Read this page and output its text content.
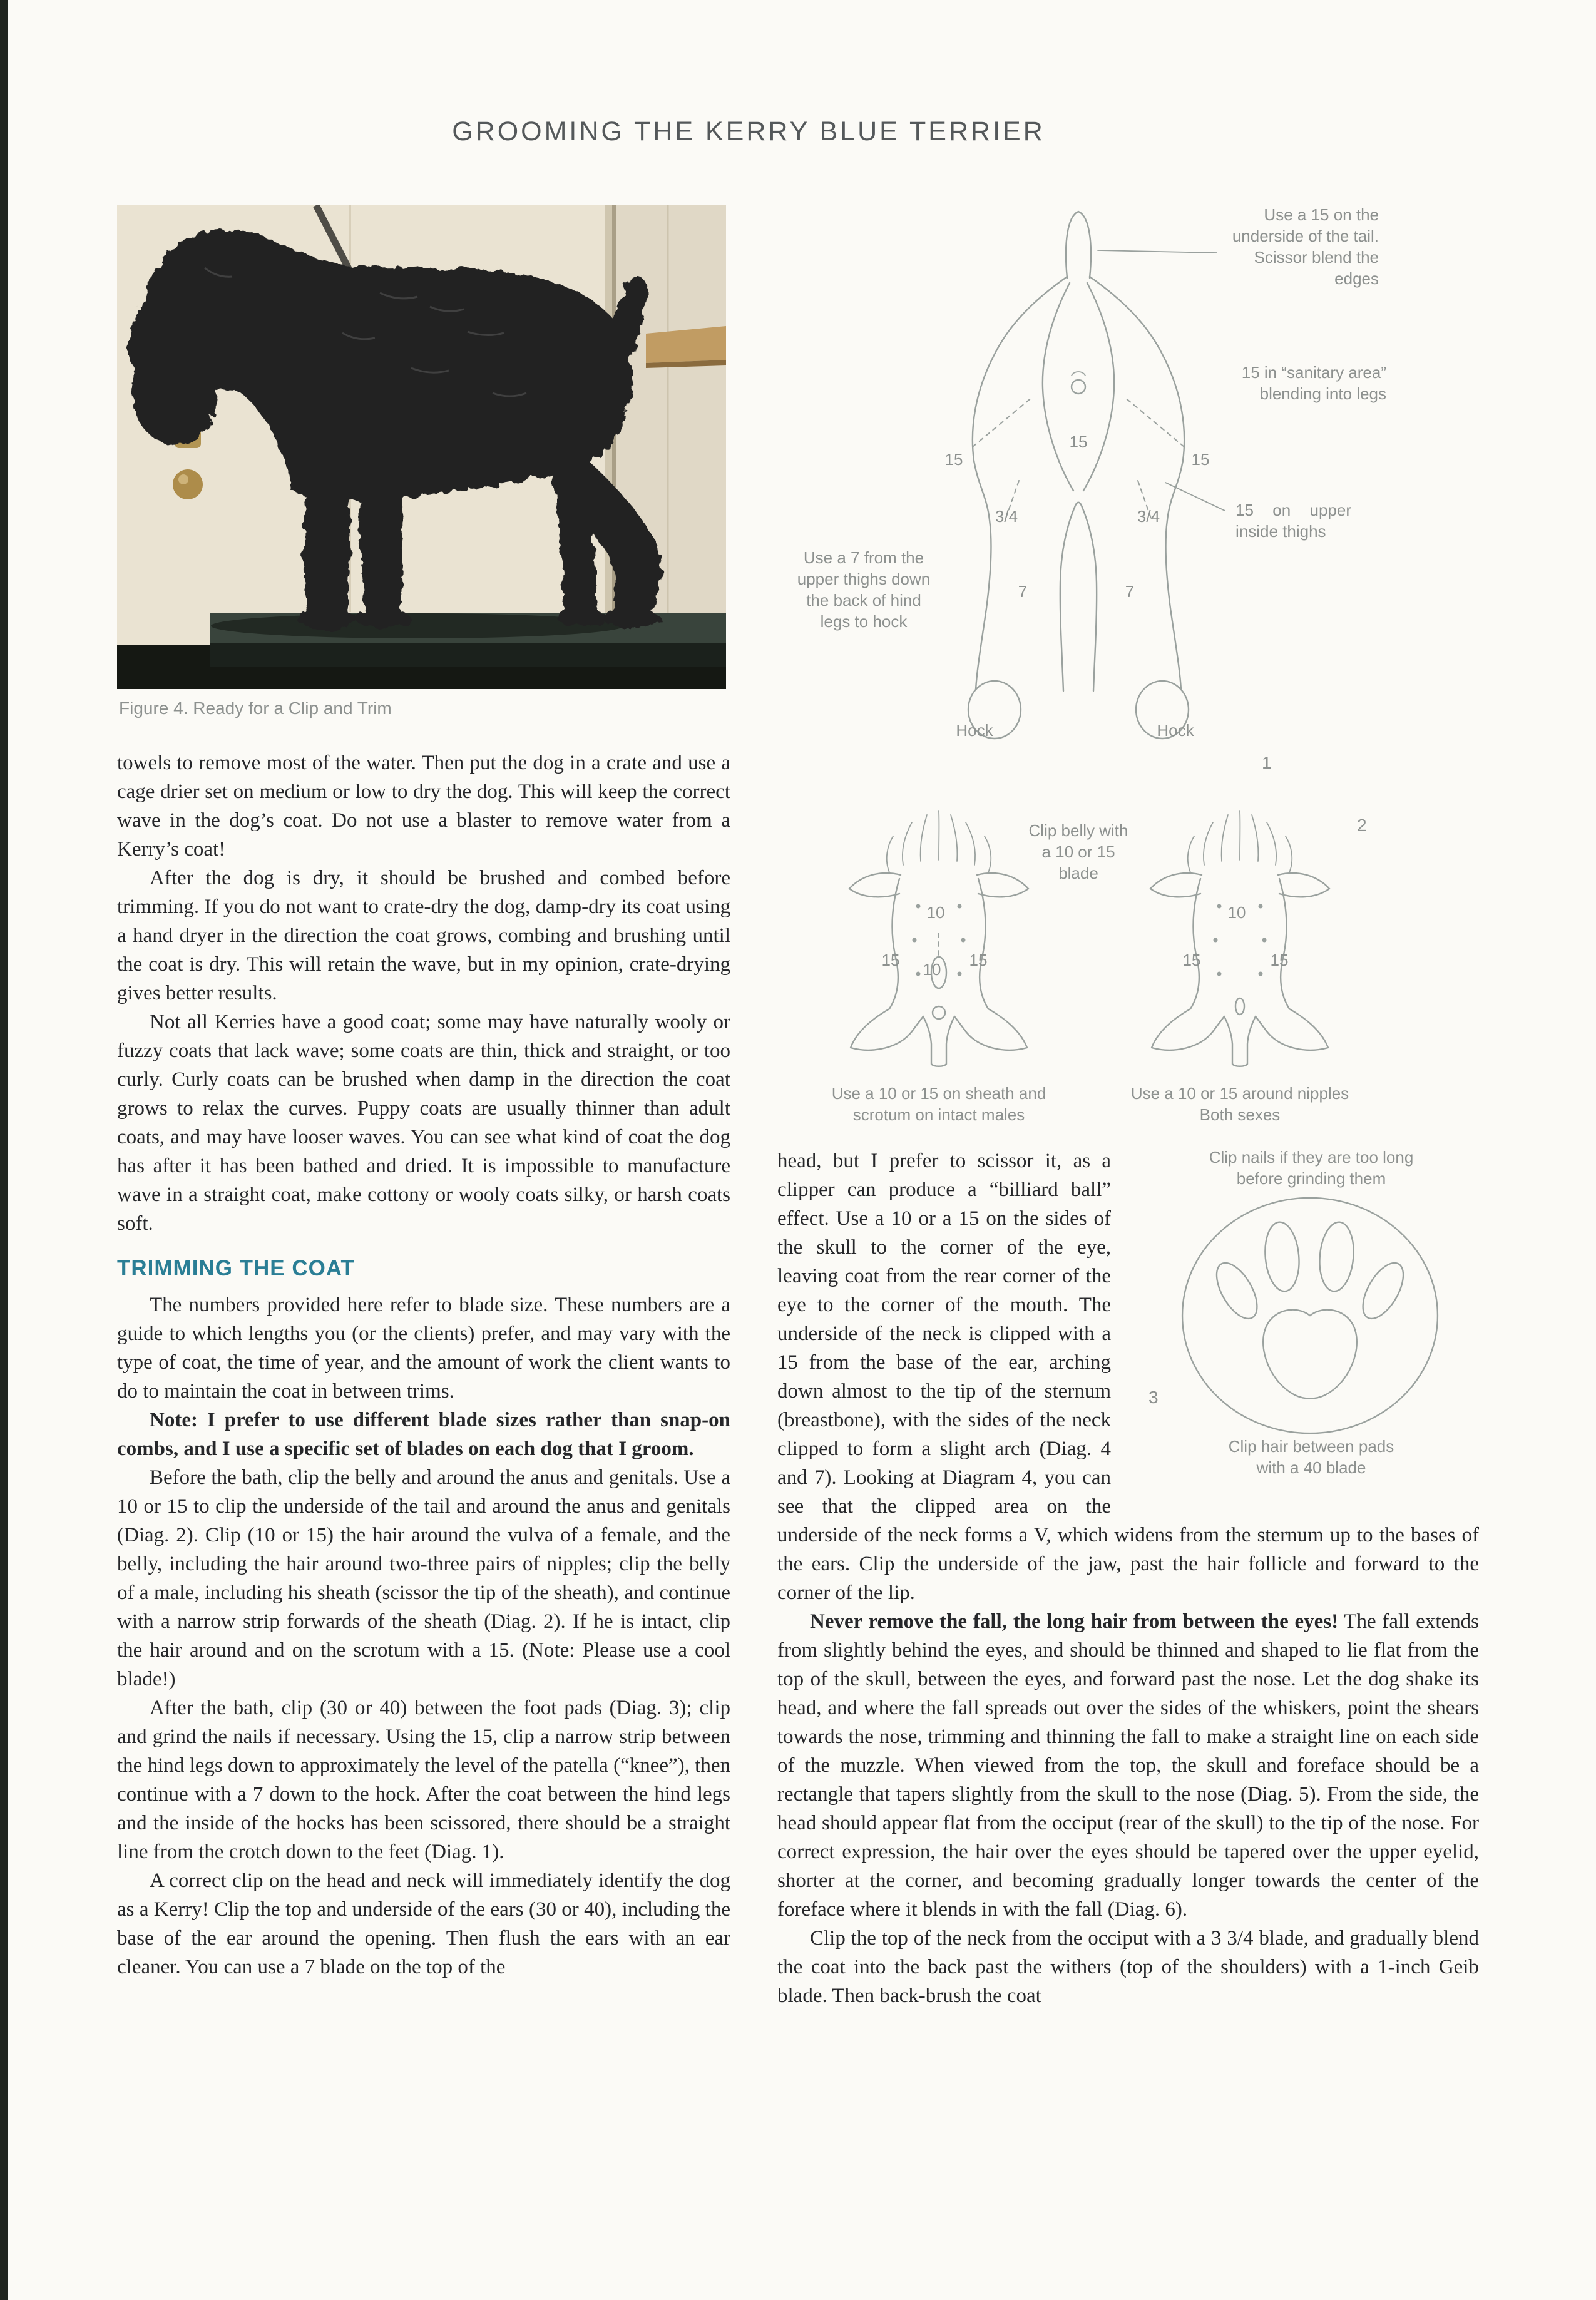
GROOMING THE KERRY BLUE TERRIER
Figure 4. Ready for a Clip and Trim

towels to remove most of the water. Then put the dog in a crate and use a cage drier set on medium or low to dry the dog. This will keep the correct wave in the dog’s coat. Do not use a blaster to remove water from a Kerry’s coat!

After the dog is dry, it should be brushed and combed before trimming. If you do not want to crate-dry the dog, damp-dry its coat using a hand dryer in the direction the coat grows, combing and brushing until the coat is dry. This will retain the wave, but in my opinion, crate-drying gives better results.

Not all Kerries have a good coat; some may have naturally wooly or fuzzy coats that lack wave; some coats are thin, thick and straight, or too curly. Curly coats can be brushed when damp in the direction the coat grows to relax the curves. Puppy coats are usually thinner than adult coats, and may have looser waves. You can see what kind of coat the dog has after it has been bathed and dried. It is impossible to manufacture wave in a straight coat, make cottony or wooly coats silky, or harsh coats soft.

TRIMMING THE COAT

The numbers provided here refer to blade size. These numbers are a guide to which lengths you (or the clients) prefer, and may vary with the type of coat, the time of year, and the amount of work the client wants to do to maintain the coat in between trims.

Note: I prefer to use different blade sizes rather than snap-on combs, and I use a specific set of blades on each dog that I groom.

Before the bath, clip the belly and around the anus and genitals. Use a 10 or 15 to clip the underside of the tail and around the anus and genitals (Diag. 2). Clip (10 or 15) the hair around the vulva of a female, and the belly, including the hair around two-three pairs of nipples; clip the belly of a male, including his sheath (scissor the tip of the sheath), and continue with a narrow strip forwards of the sheath (Diag. 2). If he is intact, clip the hair around and on the scrotum with a 15. (Note: Please use a cool blade!)

After the bath, clip (30 or 40) between the foot pads (Diag. 3); clip and grind the nails if necessary. Using the 15, clip a narrow strip between the hind legs down to approximately the level of the patella (“knee”), then continue with a 7 down to the hock. After the coat between the hind legs and the inside of the hocks has been scissored, there should be a straight line from the crotch down to the feet (Diag. 1).

A correct clip on the head and neck will immediately identify the dog as a Kerry! Clip the top and underside of the ears (30 or 40), including the base of the ear around the opening. Then flush the ears with an ear cleaner. You can use a 7 blade on the top of the

Use a 15 on the underside of the tail. Scissor blend the edges
15 in “sanitary area” blending into legs
15 on upper inside thighs
Use a 7 from the upper thighs down the back of hind legs to hock
15	15
15
3/4	3/4
7	7
Hock	Hock
1
Clip belly with a 10 or 15 blade
2
10
15	15
10
10
15	15
Use a 10 or 15 on sheath and scrotum on intact males
Use a 10 or 15 around nipples
Both sexes
Clip nails if they are too long before grinding them
3
Clip hair between pads with a 40 blade

head, but I prefer to scissor it, as a clipper can produce a “billiard ball” effect. Use a 10 or a 15 on the sides of the skull to the corner of the eye, leaving coat from the rear corner of the eye to the corner of the mouth. The underside of the neck is clipped with a 15 from the base of the ear, arching down almost to the tip of the sternum (breastbone), with the sides of the neck clipped to form a slight arch (Diag. 4 and 7). Looking at Diagram 4, you can see that the clipped area on the underside of the neck forms a V, which widens from the sternum up to the bases of the ears. Clip the underside of the jaw, past the hair follicle and forward to the corner of the lip.

Never remove the fall, the long hair from between the eyes! The fall extends from slightly behind the eyes, and should be thinned and shaped to lie flat from the top of the skull, between the eyes, and forward past the nose. Let the dog shake its head, and where the fall spreads out over the sides of the whiskers, point the shears towards the nose, trimming and thinning the fall to make a straight line on each side of the muzzle. When viewed from the top, the skull and foreface should be a rectangle that tapers slightly from the skull to the nose (Diag. 5). From the side, the head should appear flat from the occiput (rear of the skull) to the tip of the nose. For correct expression, the hair over the eyes should be tapered over the upper eyelid, shorter at the corner, and becoming gradually longer towards the center of the foreface where it blends in with the fall (Diag. 6).

Clip the top of the neck from the occiput with a 3 3/4 blade, and gradually blend the coat into the back past the withers (top of the shoulders) with a 1-inch Geib blade. Then back-brush the coat
